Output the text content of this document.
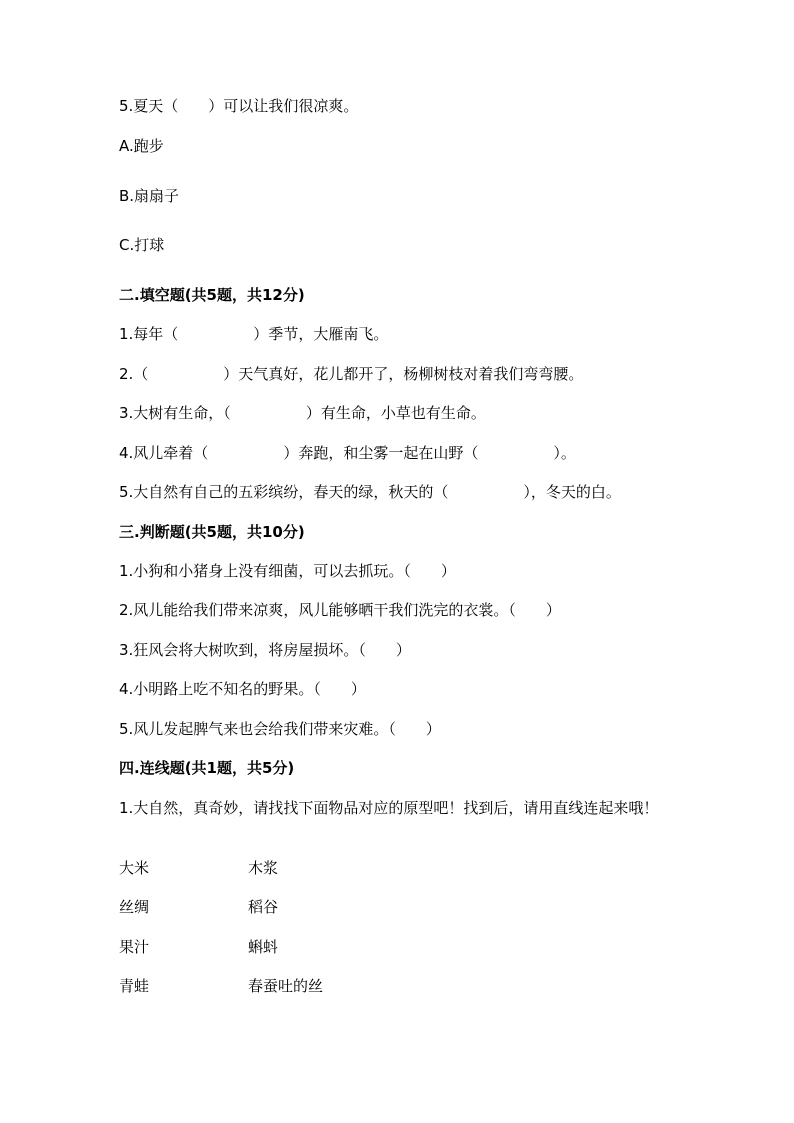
5.夏天（　　）可以让我们很凉爽。
A.跑步
B.扇扇子
C.打球
二.填空题(共5题，共12分)
1.每年（　　　　　）季节，大雁南飞。
2.（　　　　　）天气真好，花儿都开了，杨柳树枝对着我们弯弯腰。
3.大树有生命，（　　　　　）有生命，小草也有生命。
4.风儿牵着（　　　　　）奔跑，和尘雾一起在山野（　　　　　）。
5.大自然有自己的五彩缤纷，春天的绿，秋天的（　　　　　），冬天的白。
三.判断题(共5题，共10分)
1.小狗和小猪身上没有细菌，可以去抓玩。（　　）
2.风儿能给我们带来凉爽，风儿能够晒干我们洗完的衣裳。（　　）
3.狂风会将大树吹到，将房屋损坏。（　　）
4.小明路上吃不知名的野果。（　　）
5.风儿发起脾气来也会给我们带来灾难。（　　）
四.连线题(共1题，共5分)
1.大自然，真奇妙，请找找下面物品对应的原型吧！找到后，请用直线连起来哦！
大米	木浆
丝绸	稻谷
果汁	蝌蚪
青蛙	春蚕吐的丝
